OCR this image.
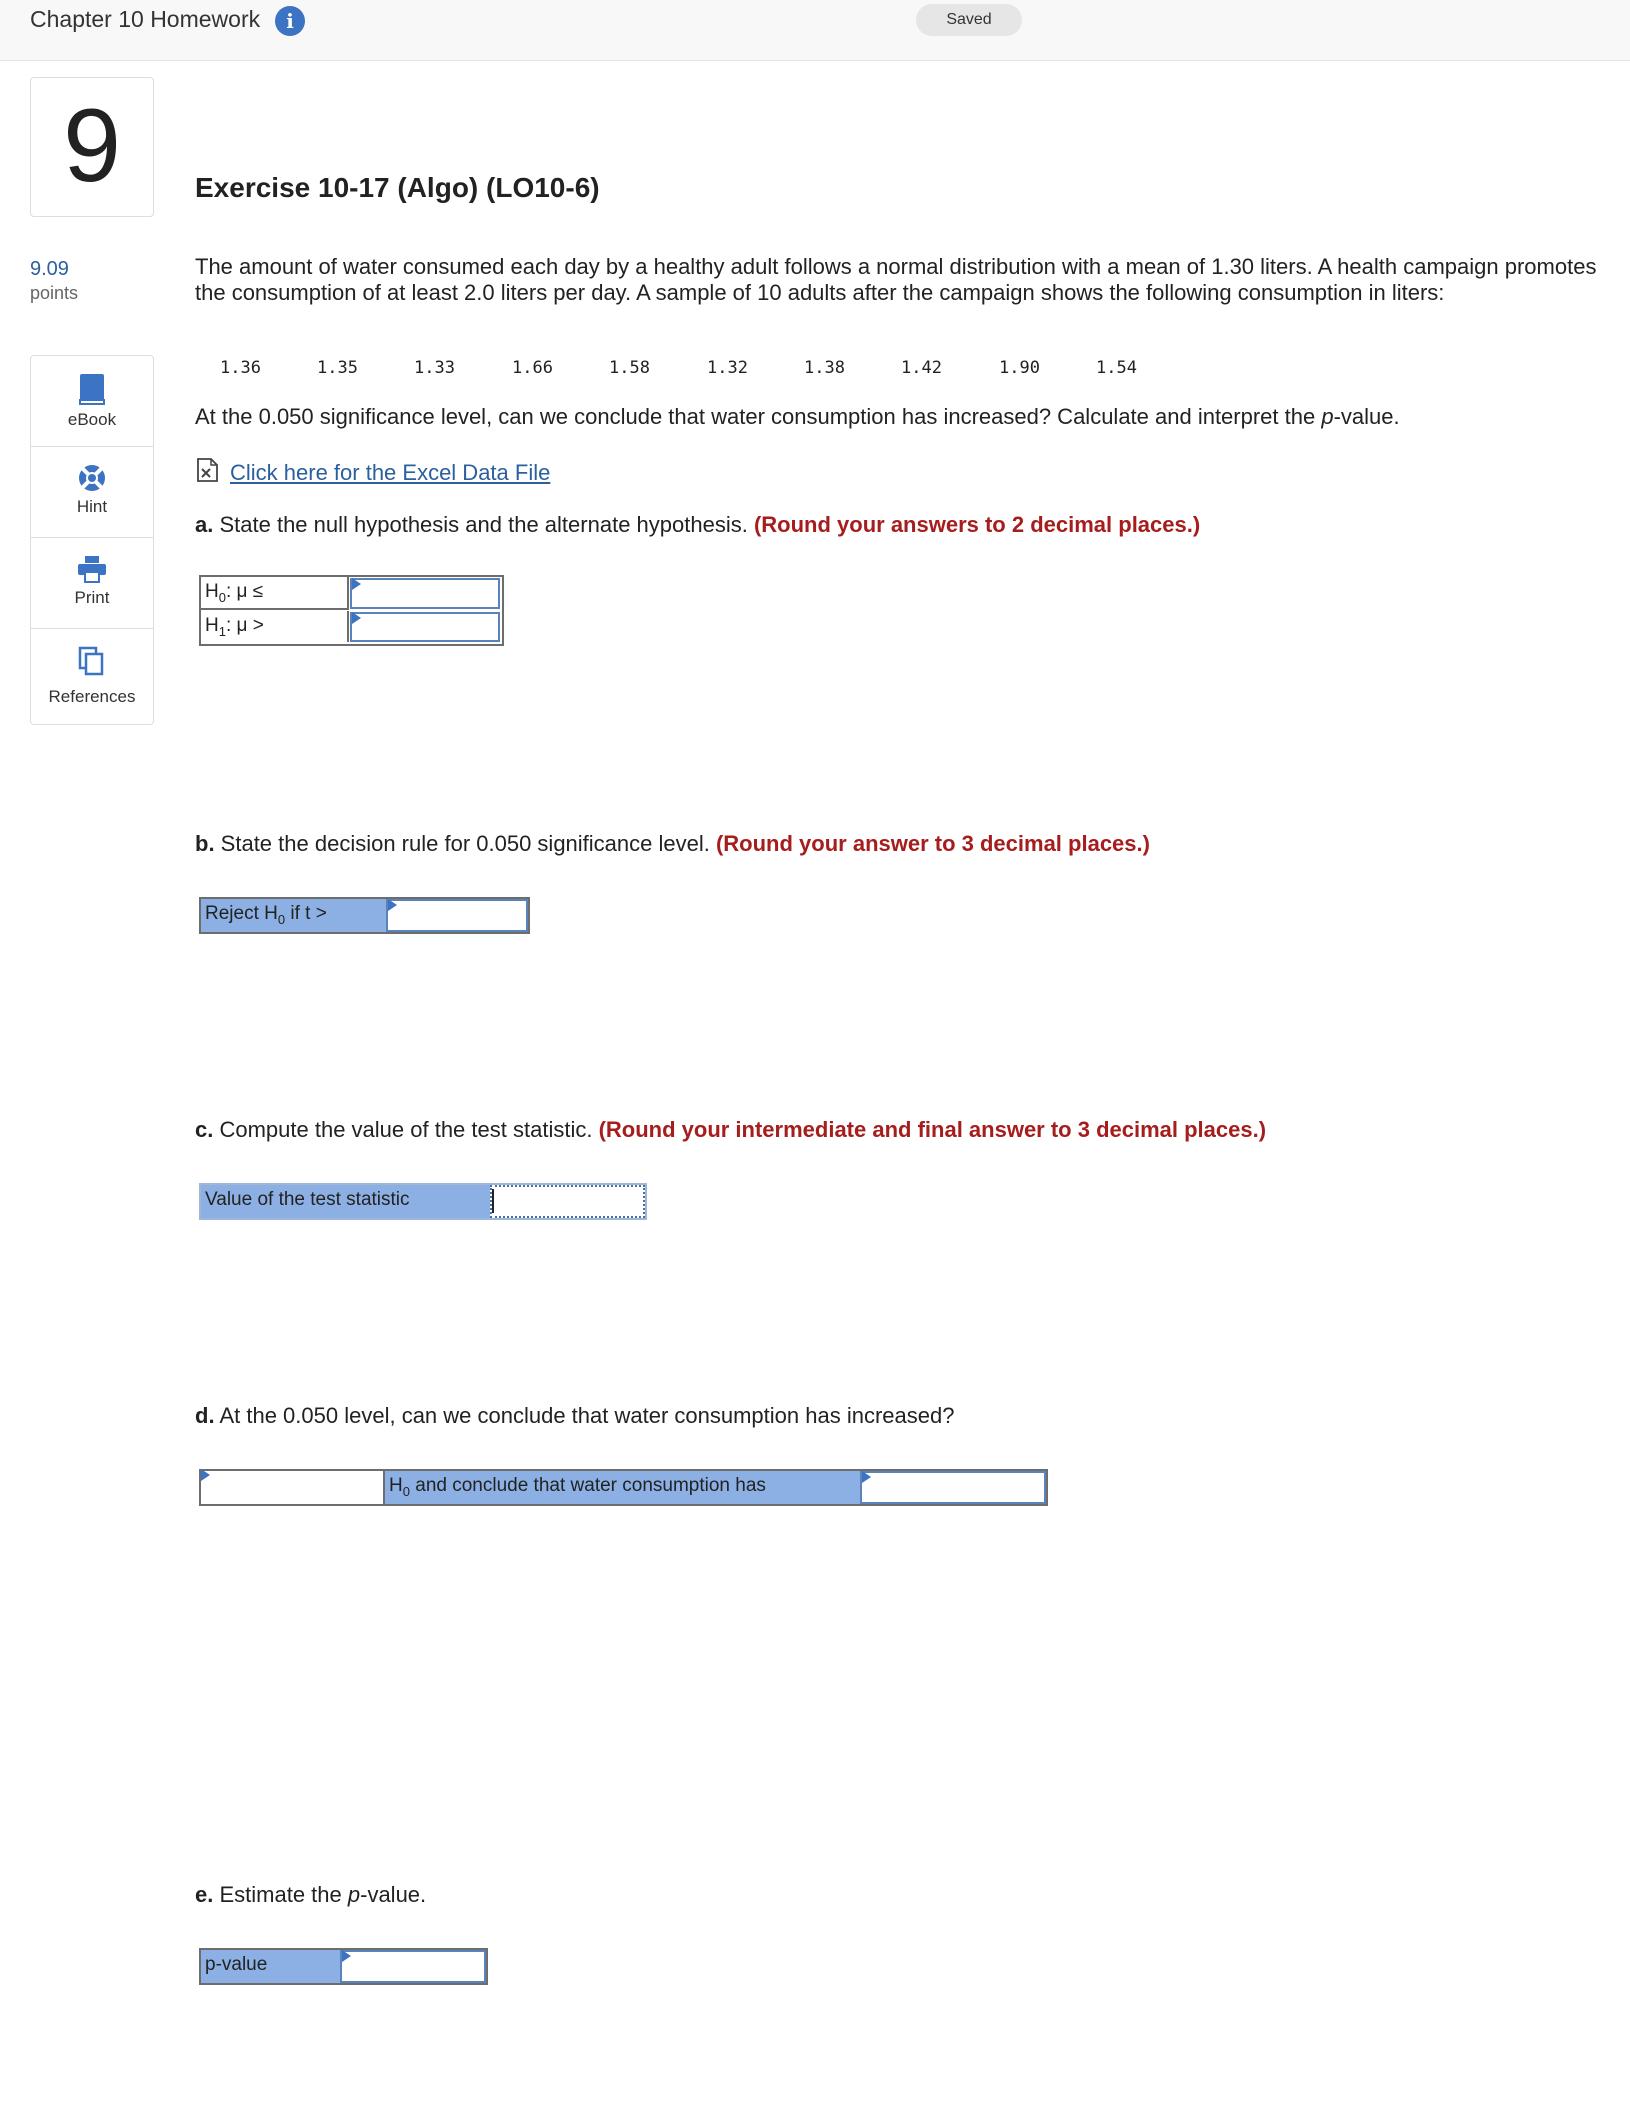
Chapter 10 Homework	i	Saved
9
9.09
points
eBook
Hint
Print
References
Exercise 10-17 (Algo) (LO10-6)
The amount of water consumed each day by a healthy adult follows a normal distribution with a mean of 1.30 liters. A health campaign promotes the consumption of at least 2.0 liters per day. A sample of 10 adults after the campaign shows the following consumption in liters:
1.36	1.35	1.33	1.66	1.58	1.32	1.38	1.42	1.90	1.54
At the 0.050 significance level, can we conclude that water consumption has increased? Calculate and interpret the p-value.
Click here for the Excel Data File
a. State the null hypothesis and the alternate hypothesis. (Round your answers to 2 decimal places.)
$H_0$: μ ≤
$H_1$: μ >
b. State the decision rule for 0.050 significance level. (Round your answer to 3 decimal places.)
Reject $H_0$ if t >
c. Compute the value of the test statistic. (Round your intermediate and final answer to 3 decimal places.)
Value of the test statistic
d. At the 0.050 level, can we conclude that water consumption has increased?
$H_0$ and conclude that water consumption has
e. Estimate the p-value.
p-value
